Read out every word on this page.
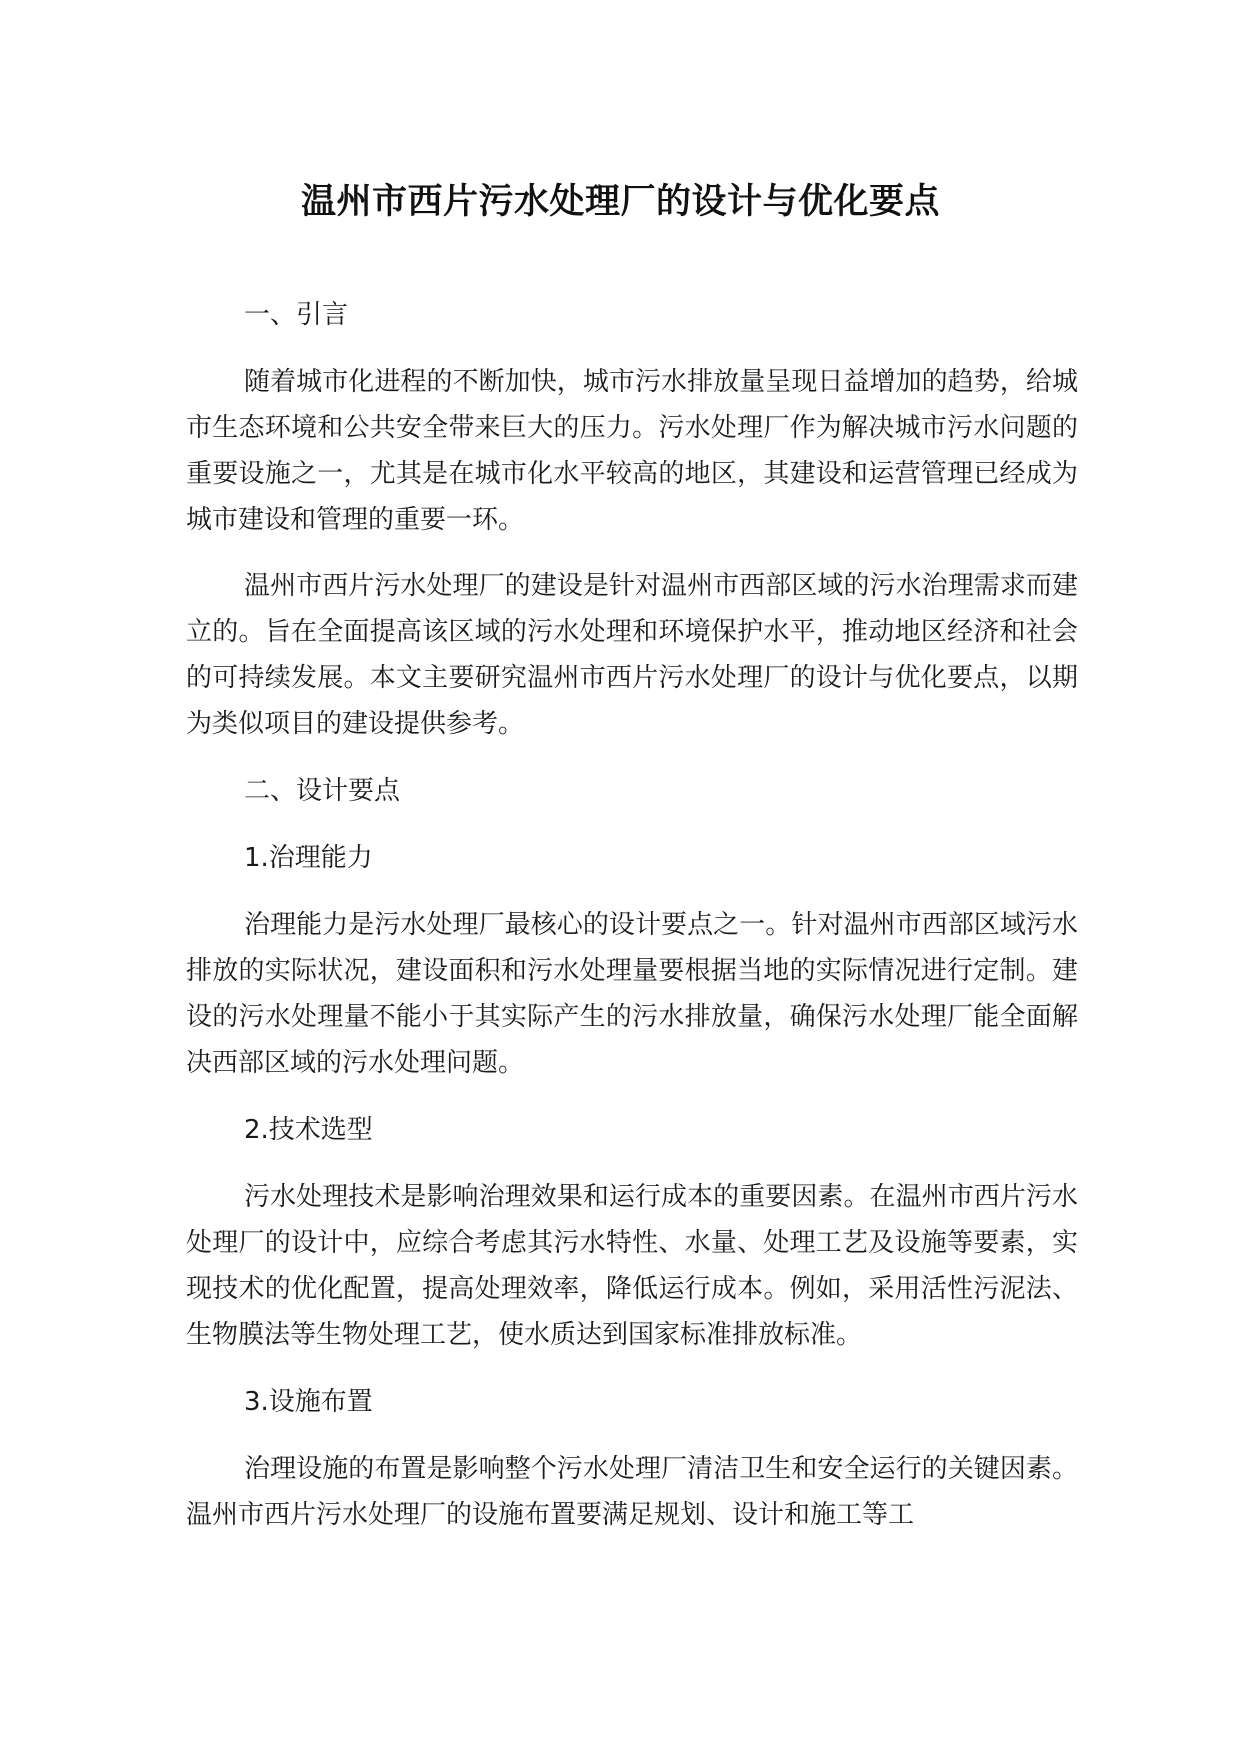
温州市西片污水处理厂的设计与优化要点

一、引言

随着城市化进程的不断加快，城市污水排放量呈现日益增加的趋势，给城市生态环境和公共安全带来巨大的压力。污水处理厂作为解决城市污水问题的重要设施之一，尤其是在城市化水平较高的地区，其建设和运营管理已经成为城市建设和管理的重要一环。

温州市西片污水处理厂的建设是针对温州市西部区域的污水治理需求而建立的。旨在全面提高该区域的污水处理和环境保护水平，推动地区经济和社会的可持续发展。本文主要研究温州市西片污水处理厂的设计与优化要点，以期为类似项目的建设提供参考。

二、设计要点

1.治理能力

治理能力是污水处理厂最核心的设计要点之一。针对温州市西部区域污水排放的实际状况，建设面积和污水处理量要根据当地的实际情况进行定制。建设的污水处理量不能小于其实际产生的污水排放量，确保污水处理厂能全面解决西部区域的污水处理问题。

2.技术选型

污水处理技术是影响治理效果和运行成本的重要因素。在温州市西片污水处理厂的设计中，应综合考虑其污水特性、水量、处理工艺及设施等要素，实现技术的优化配置，提高处理效率，降低运行成本。例如，采用活性污泥法、生物膜法等生物处理工艺，使水质达到国家标准排放标准。

3.设施布置

治理设施的布置是影响整个污水处理厂清洁卫生和安全运行的关键因素。温州市西片污水处理厂的设施布置要满足规划、设计和施工等工
